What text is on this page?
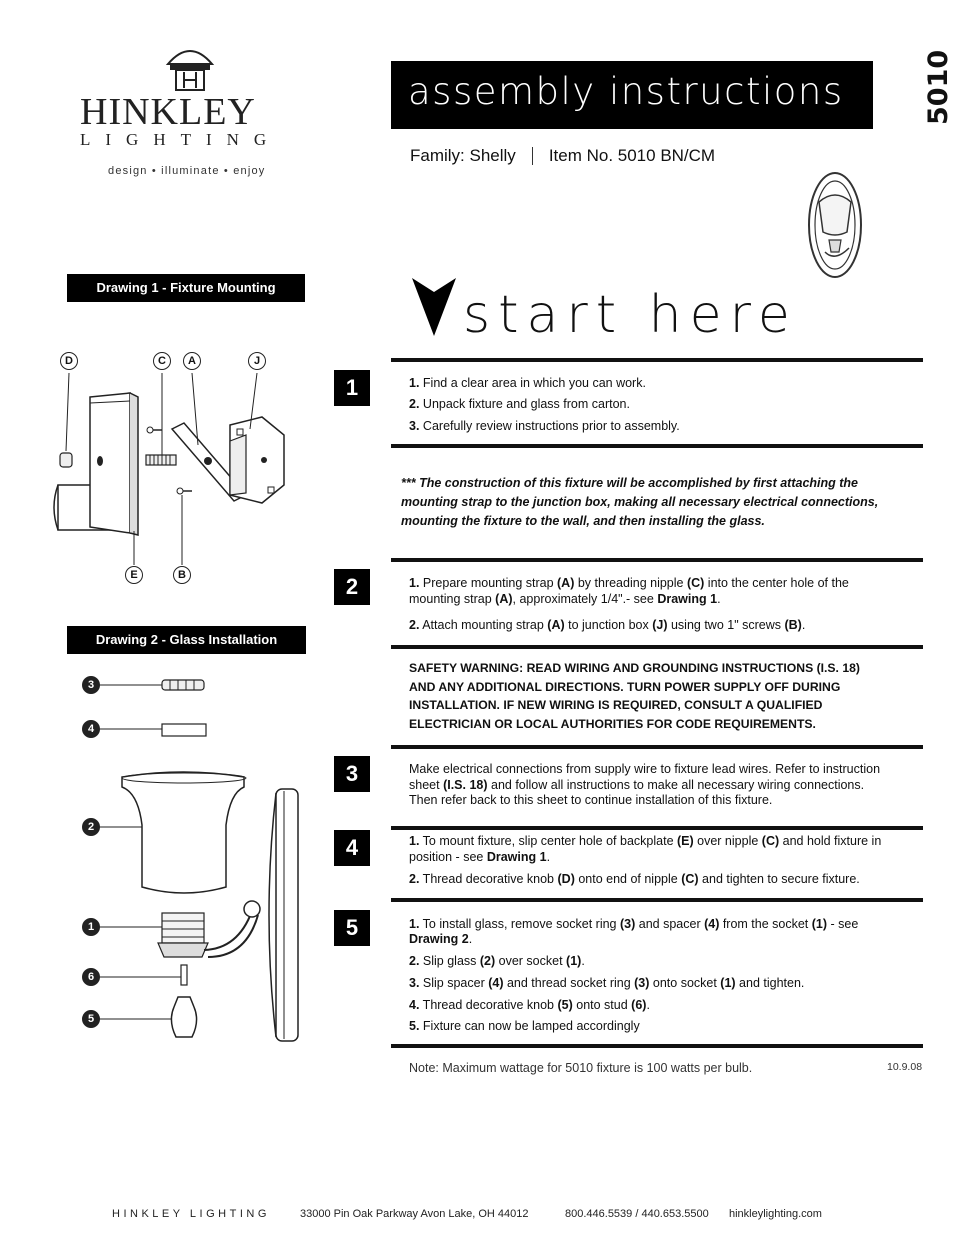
HINKLEY
LIGHTING
design • illuminate • enjoy
assembly instructions	5010
Family: Shelly Item No. 5010 BN/CM
start here
Drawing 1 - Fixture Mounting
D	C	A	J
E	B
Drawing 2 - Glass Installation
3
4
2
1
6
5
1	1. Find a clear area in which you can work.
2. Unpack fixture and glass from carton.
3. Carefully review instructions prior to assembly.
*** The construction of this fixture will be accomplished by first attaching the
mounting strap to the junction box, making all necessary electrical connections,
mounting the fixture to the wall, and then installing the glass.
2	1. Prepare mounting strap (A) by threading nipple (C) into the center hole of the
mounting strap (A), approximately 1/4".- see Drawing 1.
2. Attach mounting strap (A) to junction box (J) using two 1" screws (B).
SAFETY WARNING: READ WIRING AND GROUNDING INSTRUCTIONS (I.S. 18)
AND ANY ADDITIONAL DIRECTIONS. TURN POWER SUPPLY OFF DURING
INSTALLATION. IF NEW WIRING IS REQUIRED, CONSULT A QUALIFIED
ELECTRICIAN OR LOCAL AUTHORITIES FOR CODE REQUIREMENTS.
3	Make electrical connections from supply wire to fixture lead wires. Refer to instruction
sheet (I.S. 18) and follow all instructions to make all necessary wiring connections.
Then refer back to this sheet to continue installation of this fixture.
4	1. To mount fixture, slip center hole of backplate (E) over nipple (C) and hold fixture in
position - see Drawing 1.
2. Thread decorative knob (D) onto end of nipple (C) and tighten to secure fixture.
5	1. To install glass, remove socket ring (3) and spacer (4) from the socket (1) - see
Drawing 2.
2. Slip glass (2) over socket (1).
3. Slip spacer (4) and thread socket ring (3) onto socket (1) and tighten.
4. Thread decorative knob (5) onto stud (6).
5. Fixture can now be lamped accordingly
Note: Maximum wattage for 5010 fixture is 100 watts per bulb.	10.9.08
HINKLEY LIGHTING	33000 Pin Oak Parkway Avon Lake, OH 44012	800.446.5539 / 440.653.5500 hinkleylighting.com
